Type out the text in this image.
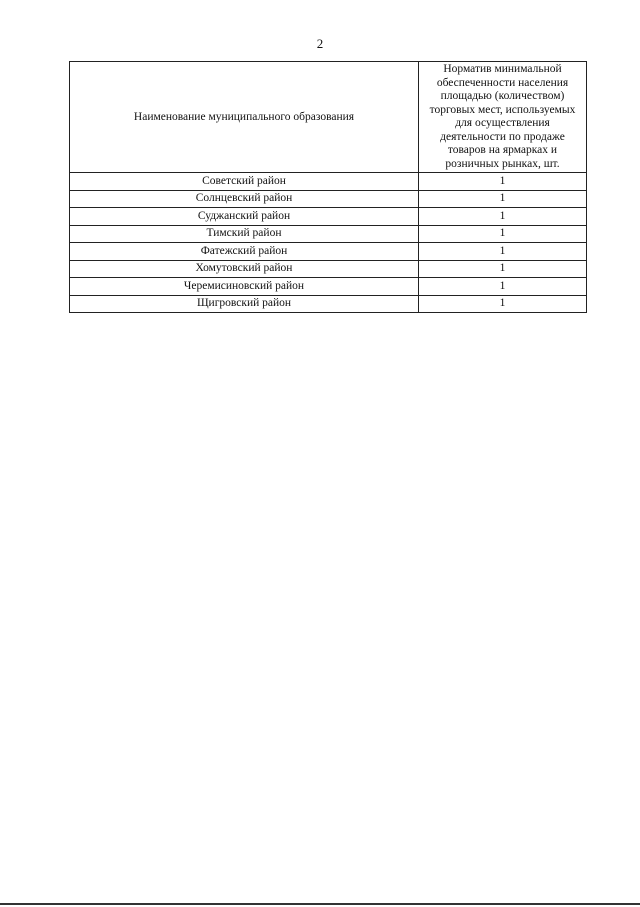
2
Наименование муниципального образования	Норматив минимальной обеспеченности населения площадью (количеством) торговых мест, используемых для осуществления деятельности по продаже товаров на ярмарках и розничных рынках, шт.
Советский район	1
Солнцевский район	1
Суджанский район	1
Тимский район	1
Фатежский район	1
Хомутовский район	1
Черемисиновский район	1
Щигровский район	1
